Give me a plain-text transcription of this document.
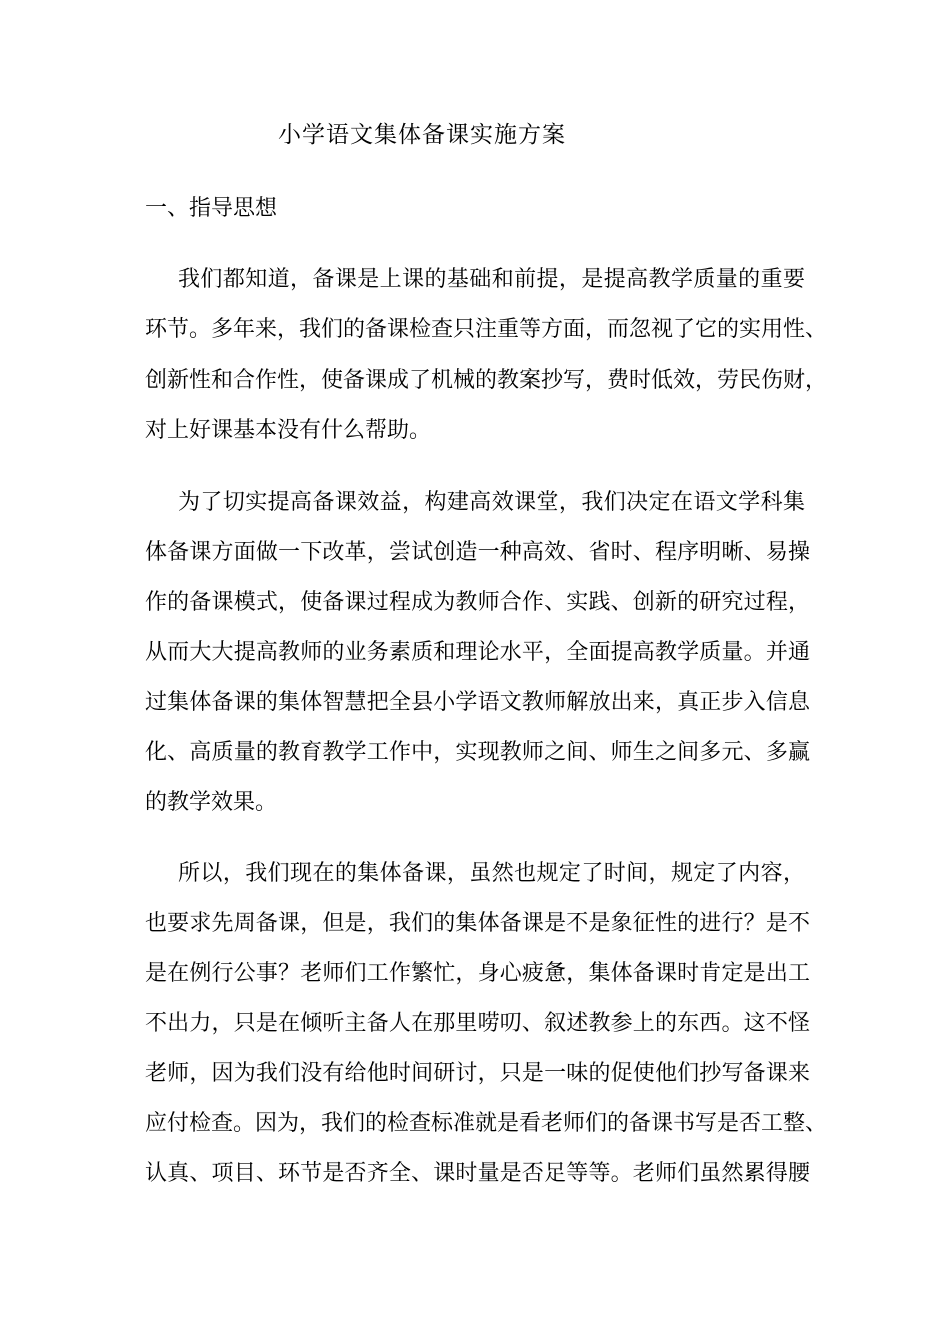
小学语文集体备课实施方案
一、指导思想
我们都知道，备课是上课的基础和前提，是提高教学质量的重要
环节。多年来，我们的备课检查只注重等方面，而忽视了它的实用性、
创新性和合作性，使备课成了机械的教案抄写，费时低效，劳民伤财，
对上好课基本没有什么帮助。
为了切实提高备课效益，构建高效课堂，我们决定在语文学科集
体备课方面做一下改革，尝试创造一种高效、省时、程序明晰、易操
作的备课模式，使备课过程成为教师合作、实践、创新的研究过程，
从而大大提高教师的业务素质和理论水平，全面提高教学质量。并通
过集体备课的集体智慧把全县小学语文教师解放出来，真正步入信息
化、高质量的教育教学工作中，实现教师之间、师生之间多元、多赢
的教学效果。
所以，我们现在的集体备课，虽然也规定了时间，规定了内容，
也要求先周备课，但是，我们的集体备课是不是象征性的进行？是不
是在例行公事？老师们工作繁忙，身心疲惫，集体备课时肯定是出工
不出力，只是在倾听主备人在那里唠叨、叙述教参上的东西。这不怪
老师，因为我们没有给他时间研讨，只是一味的促使他们抄写备课来
应付检查。因为，我们的检查标准就是看老师们的备课书写是否工整、
认真、项目、环节是否齐全、课时量是否足等等。老师们虽然累得腰
